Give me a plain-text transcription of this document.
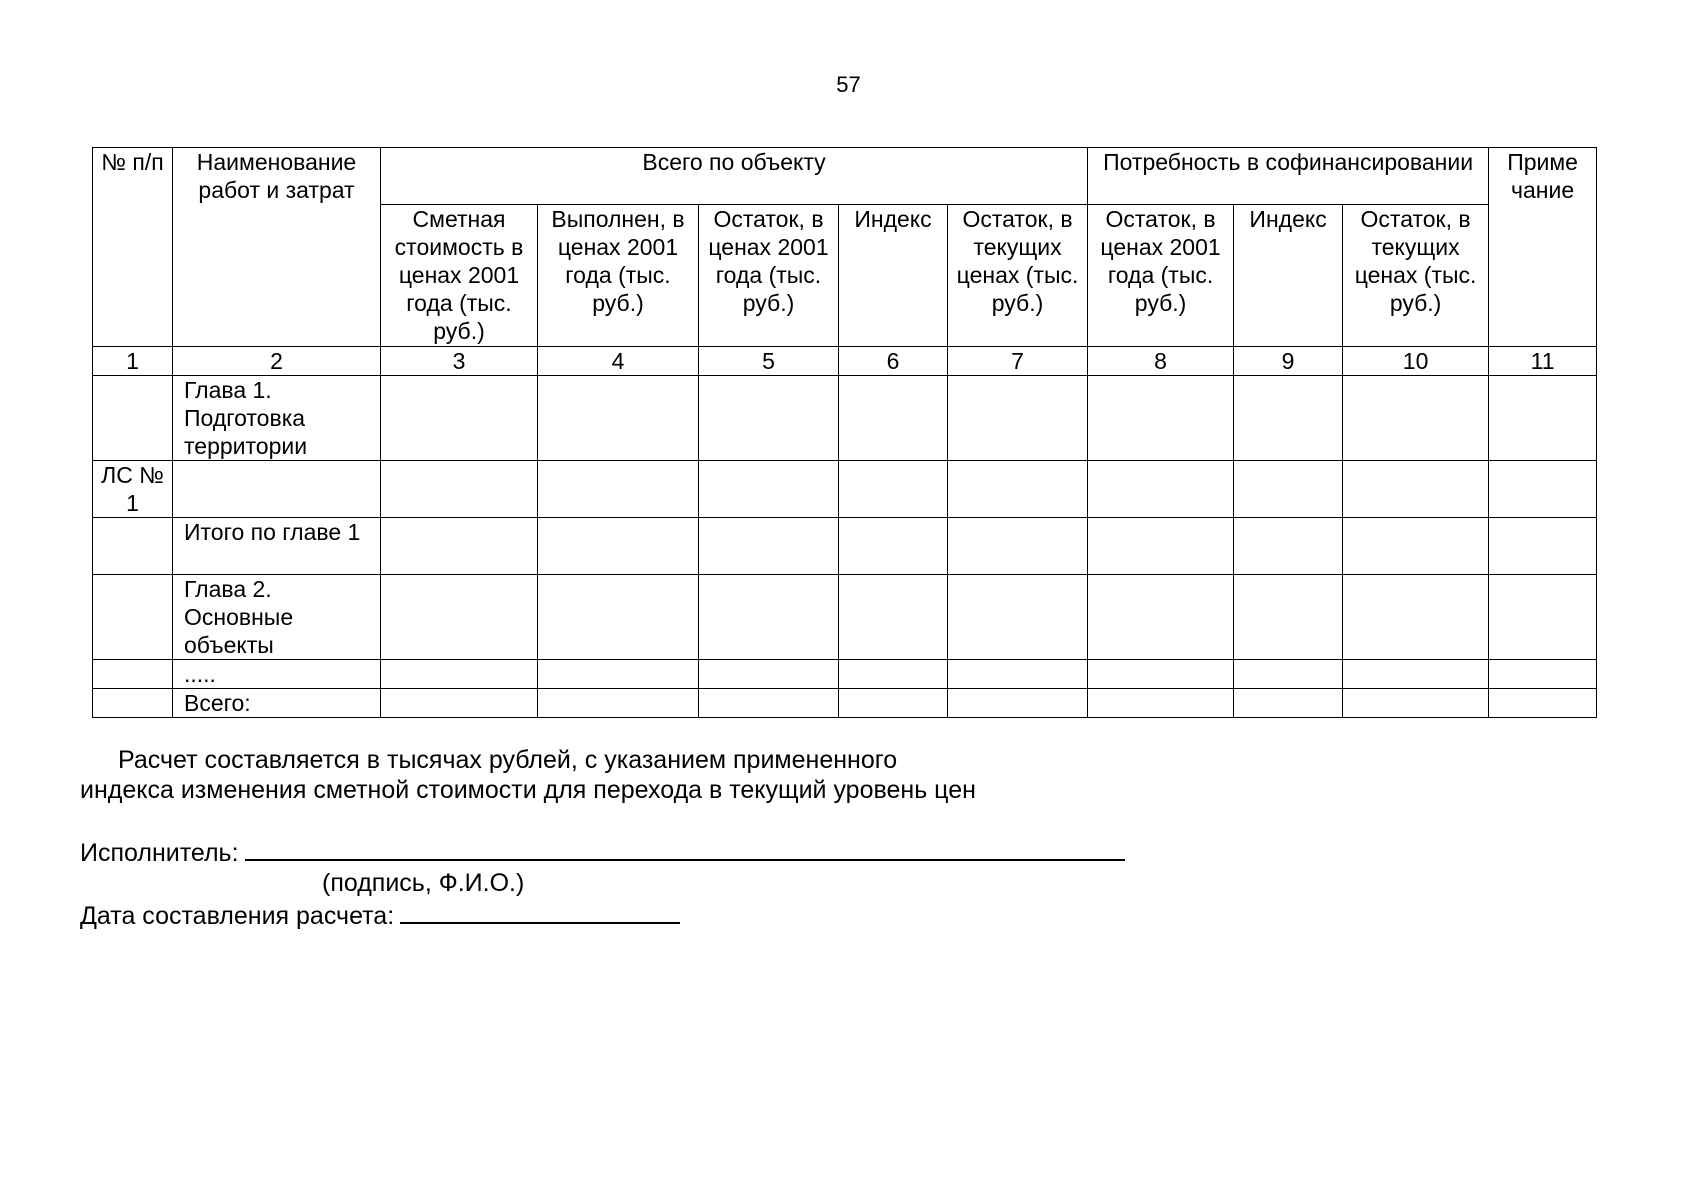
57
№ п/п	Наименование работ и затрат	Всего по объекту					Потребность в софинансировании			Приме чание
		Сметная стоимость в ценах 2001 года (тыс. руб.)	Выполнен, в ценах 2001 года (тыс. руб.)	Остаток, в ценах 2001 года (тыс. руб.)	Индекс	Остаток, в текущих ценах (тыс. руб.)	Остаток, в ценах 2001 года (тыс. руб.)	Индекс	Остаток, в текущих ценах (тыс. руб.)	
1	2	3	4	5	6	7	8	9	10	11
	Глава 1. Подготовка территории									
ЛС № 1										
	Итого по главе 1									
	Глава 2. Основные объекты									
	.....									
	Всего:									
Расчет составляется в тысячах рублей, с указанием примененного
индекса изменения сметной стоимости для перехода в текущий уровень цен
Исполнитель:
(подпись, Ф.И.О.)
Дата составления расчета:
